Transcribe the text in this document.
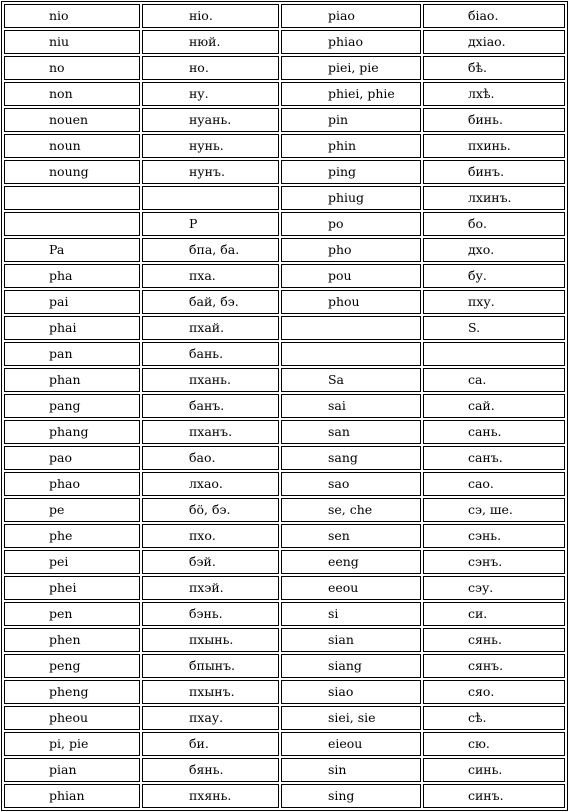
nio	ніо.	piao	біао.
niu	нюй.	phiao	дхіао.
no	но.	piei, pie	бѣ.
non	ну.	phiei, phie	лхѣ.
nouen	нуань.	pin	бинь.
noun	нунь.	phin	пхинь.
noung	нунъ.	ping	бинъ.
		phiug	лхинъ.
	P	po	бо.
Pa	бпа, ба.	pho	дхо.
pha	пха.	pou	бу.
pai	бай, бэ.	phou	пху.
phai	пхай.		S.
pan	бань.		
phan	пхань.	Sa	са.
pang	банъ.	sai	сай.
phang	пханъ.	san	сань.
pao	бао.	sang	санъ.
phao	лхао.	sao	сао.
pe	бö, бэ.	se, che	сэ, ше.
phe	пхо.	sen	сэнь.
pei	бэй.	eeng	сэнъ.
phei	пхэй.	eeou	сэу.
pen	бэнь.	si	си.
phen	пхынь.	sian	сянь.
peng	бпынъ.	siang	сянъ.
pheng	пхынъ.	siao	сяо.
pheou	пхау.	siei, sie	сѣ.
pi, pie	би.	eieou	сю.
pian	бянь.	sin	синь.
phian	пхянь.	sing	синъ.
